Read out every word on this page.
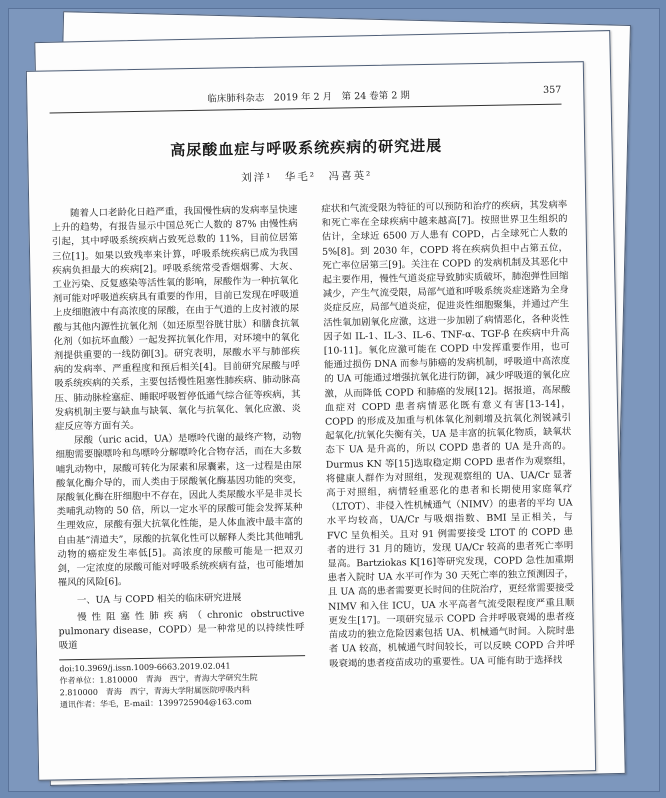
临床肺科杂志　2019 年 2 月　第 24 卷第 2 期	357
高尿酸血症与呼吸系统疾病的研究进展
刘洋¹　华毛²　冯喜英²

随着人口老龄化日趋严重，我国慢性病的发病率呈快速上升的趋势，有报告显示中国总死亡人数的 87% 由慢性病引起，其中呼吸系统疾病占致死总数的 11%，目前位居第三位[1]。如果以致残率来计算，呼吸系统疾病已成为我国疾病负担最大的疾病[2]。呼吸系统常受香烟烟雾、大灰、工业污染、反复感染等活性氧的影响，尿酸作为一种抗氧化剂可能对呼吸道疾病具有重要的作用，目前已发现在呼吸道上皮细胞液中有高浓度的尿酸，在由于气道的上皮衬液的尿酸与其他内源性抗氧化剂（如还原型谷胱甘肽）和膳食抗氧化剂（如抗坏血酸）一起发挥抗氧化作用，对环境中的氧化剂提供重要的一线防御[3]。研究表明，尿酸水平与肺部疾病的发病率、严重程度和预后相关[4]。目前研究尿酸与呼吸系统疾病的关系，主要包括慢性阻塞性肺疾病、肺动脉高压、肺动脉栓塞症、睡眠呼吸暂停低通气综合征等疾病，其发病机制主要与缺血与缺氧、氧化与抗氧化、氧化应激、炎症反应等方面有关。

尿酸（uric acid，UA）是嘌呤代谢的最终产物，动物细胞需要腺嘌呤和鸟嘌呤分解嘌呤化合物存活，而在大多数哺乳动物中，尿酸可转化为尿素和尿囊素，这一过程是由尿酸氧化酶介导的，而人类由于尿酸氧化酶基因功能的突变，尿酸氧化酶在肝细胞中不存在，因此人类尿酸水平是非灵长类哺乳动物的 50 倍，所以一定水平的尿酸可能会发挥某种生理效应，尿酸有强大抗氧化性能，是人体血液中最丰富的自由基“清道夫”，尿酸的抗氧化性可以解释人类比其他哺乳动物的癌症发生率低[5]。高浓度的尿酸可能是一把双刃剑，一定浓度的尿酸可能对呼吸系统疾病有益，也可能增加罹风的风险[6]。

一、UA 与 COPD 相关的临床研究进展

慢性阻塞性肺疾病（chronic obstructive pulmonary disease，COPD）是一种常见的以持续性呼吸道

doi:10.3969/j.issn.1009-6663.2019.02.041
作者单位：1.810000　青海　西宁，青海大学研究生院
2.810000　青海　西宁，青海大学附属医院呼吸内科
通讯作者：华毛，E-mail：1399725904@163.com

症状和气流受限为特征的可以预防和治疗的疾病，其发病率和死亡率在全球疾病中越来越高[7]。按照世界卫生组织的估计，全球近 6500 万人患有 COPD，占全球死亡人数的 5%[8]。到 2030 年，COPD 将在疾病负担中占第五位，死亡率位居第三[9]。关注在 COPD 的发病机制及其恶化中起主要作用，慢性气道炎症导致肺实质破坏，肺泡弹性回缩减少，产生气流受限，局部气道和呼吸系统炎症迷路为全身炎症反应，局部气道炎症，促进炎性细胞聚集，并通过产生活性氧加剧氧化应激，这进一步加剧了病情恶化，各种炎性因子如 IL-1、IL-3、IL-6、TNF-α、TGF-β 在疾病中升高[10-11]。氧化应激可能在 COPD 中发挥重要作用，也可能通过损伤 DNA 而参与肺癌的发病机制，呼吸道中高浓度的 UA 可能通过增强抗氧化进行防御，减少呼吸道的氧化应激，从而降低 COPD 和肺癌的发展[12]。据报道，高尿酸血症对 COPD 患者病情恶化既有意义有害[13-14]，COPD 的形成及加重与机体氧化剂刺增及抗氧化剂锐减引起氧化/抗氧化失衡有关，UA 是丰富的抗氧化物质，缺氧状态下 UA 是升高的，所以 COPD 患者的 UA 是升高的。Durmus KN 等[15]选取稳定期 COPD 患者作为观察组，将健康人群作为对照组，发现观察组的 UA、UA/Cr 显著高于对照组，病情轻重恶化的患者和长期使用家庭氧疗（LTOT）、非侵入性机械通气（NIMV）的患者的平均 UA 水平均较高，UA/Cr 与吸烟指数、BMI 呈正相关，与 FVC 呈负相关。且对 91 例需要接受 LTOT 的 COPD 患者的进行 31 月的随访，发现 UA/Cr 较高的患者死亡率明显高。Bartziokas K[16]等研究发现，COPD 急性加重期患者入院时 UA 水平可作为 30 天死亡率的独立预测因子，且 UA 高的患者需要更长时间的住院治疗，更经常需要接受 NIMV 和入住 ICU，UA 水平高者气流受限程度严重且顺更发生[17]。一项研究显示 COPD 合并呼吸衰竭的患者疫苗成功的独立危险因素包括 UA、机械通气时间。入院时患者 UA 较高，机械通气时间较长，可以反映 COPD 合并呼吸衰竭的患者疫苗成功的重要性。UA 可能有助于选择找
